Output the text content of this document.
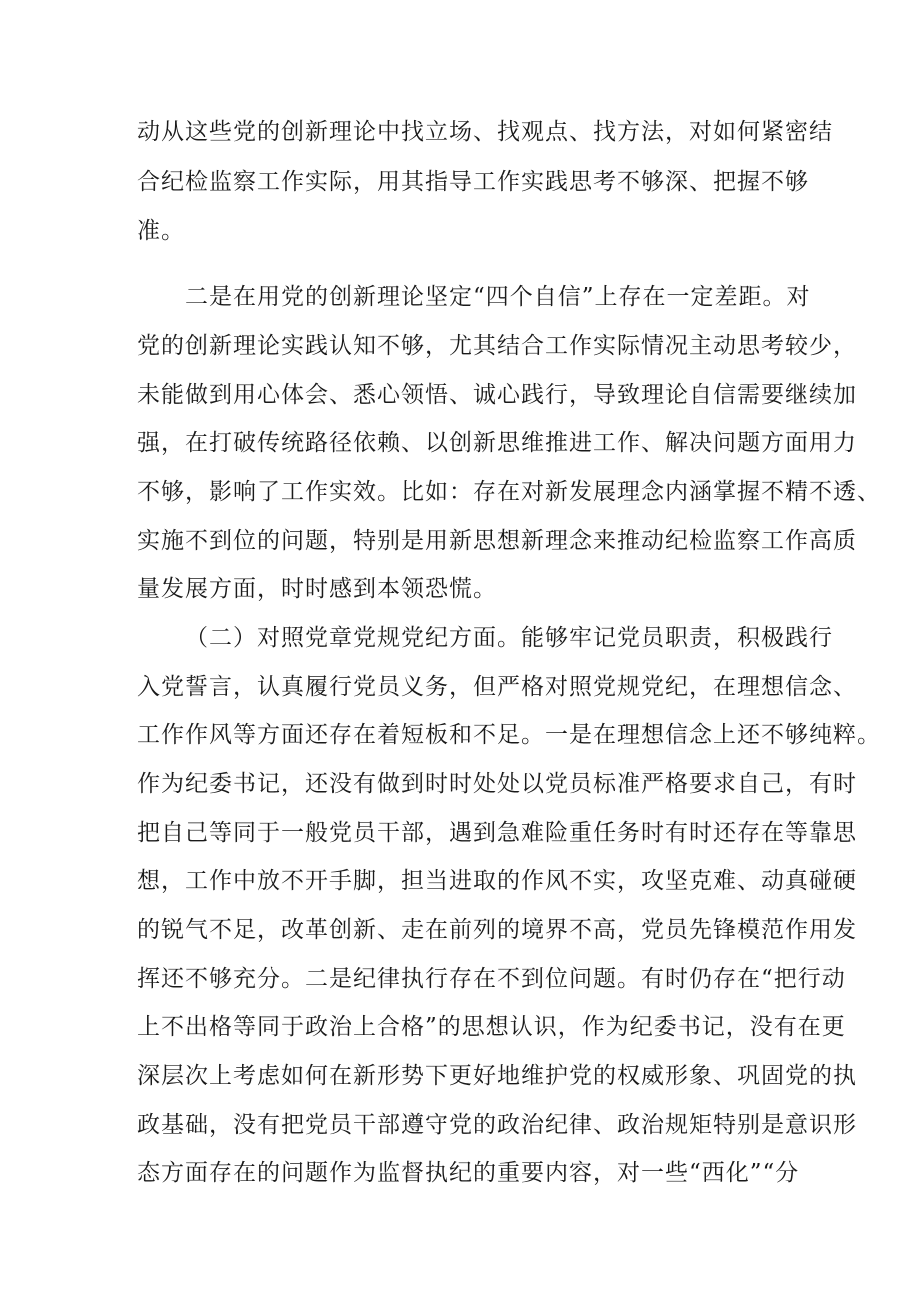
动从这些党的创新理论中找立场、找观点、找方法，对如何紧密结
合纪检监察工作实际，用其指导工作实践思考不够深、把握不够
准。
二是在用党的创新理论坚定“四个自信”上存在一定差距。对
党的创新理论实践认知不够，尤其结合工作实际情况主动思考较少，
未能做到用心体会、悉心领悟、诚心践行，导致理论自信需要继续加
强，在打破传统路径依赖、以创新思维推进工作、解决问题方面用力
不够，影响了工作实效。比如：存在对新发展理念内涵掌握不精不透、
实施不到位的问题，特别是用新思想新理念来推动纪检监察工作高质
量发展方面，时时感到本领恐慌。
（二）对照党章党规党纪方面。能够牢记党员职责，积极践行
入党誓言，认真履行党员义务，但严格对照党规党纪，在理想信念、
工作作风等方面还存在着短板和不足。一是在理想信念上还不够纯粹。
作为纪委书记，还没有做到时时处处以党员标准严格要求自己，有时
把自己等同于一般党员干部，遇到急难险重任务时有时还存在等靠思
想，工作中放不开手脚，担当进取的作风不实，攻坚克难、动真碰硬
的锐气不足，改革创新、走在前列的境界不高，党员先锋模范作用发
挥还不够充分。二是纪律执行存在不到位问题。有时仍存在“把行动
上不出格等同于政治上合格”的思想认识，作为纪委书记，没有在更
深层次上考虑如何在新形势下更好地维护党的权威形象、巩固党的执
政基础，没有把党员干部遵守党的政治纪律、政治规矩特别是意识形
态方面存在的问题作为监督执纪的重要内容，对一些“西化”“分
